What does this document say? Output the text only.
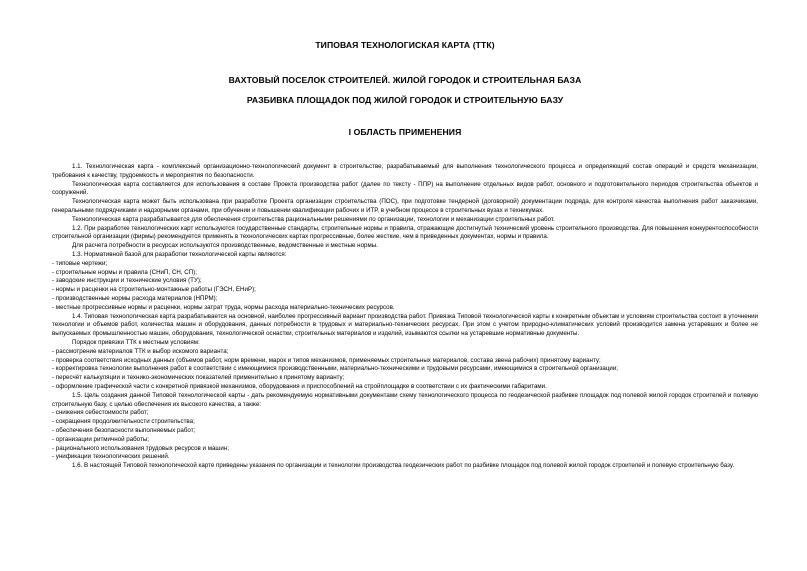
ТИПОВАЯ ТЕХНОЛОГИСКАЯ КАРТА (ТТК)
ВАХТОВЫЙ ПОСЕЛОК СТРОИТЕЛЕЙ. ЖИЛОЙ ГОРОДОК И СТРОИТЕЛЬНАЯ БАЗА
РАЗБИВКА ПЛОЩАДОК ПОД ЖИЛОЙ ГОРОДОК И СТРОИТЕЛЬНУЮ БАЗУ
I ОБЛАСТЬ ПРИМЕНЕНИЯ

1.1. Технологическая карта - комплексный организационно-технологический документ в строительстве, разрабатываемый для выполнения технологического процесса и определяющий состав операций и средств механизации, требования к качеству, трудоемкость и мероприятия по безопасности.

Технологическая карта составляется для использования в составе Проекта производства работ (далее по тексту - ППР) на выполнение отдельных видов работ, основного и подготовительного периодов строительства объектов и сооружений.

Технологическая карта может быть использована при разработке Проекта организации строительства (ПОС), при подготовке тендерной (договорной) документации подряда, для контроля качества выполнения работ заказчиками, генеральными подрядчиками и надзорными органами, при обучении и повышении квалификации рабочих и ИТР, в учебном процессе в строительных вузах и техникумах.

Технологическая карта разрабатывается для обеспечения строительства рациональными решениями по организации, технологии и механизации строительных работ.

1.2. При разработке технологических карт используются государственные стандарты, строительные нормы и правила, отражающие достигнутый технический уровень строительного производства. Для повышения конкурентоспособности строительной организации (фирмы) рекомендуется применять в технологических картах прогрессивные, более жесткие, чем в приведенных документах, нормы и правила.

Для расчета потребности в ресурсах используются производственные, ведомственные и местные нормы.

1.3. Нормативной базой для разработки технологической карты являются:

- типовые чертежи;

- строительные нормы и правила (СНиП, СН, СП);

- заводские инструкции и технические условия (ТУ);

- нормы и расценки на строительно-монтажные работы (ГЭСН, ЕНиР);

- производственные нормы расхода материалов (НПРМ);

- местные прогрессивные нормы и расценки, нормы затрат труда, нормы расхода материально-технических ресурсов.

1.4. Типовая технологическая карта разрабатывается на основной, наиболее прогрессивный вариант производства работ. Привязка Типовой технологической карты к конкретным объектам и условиям строительства состоит в уточнении технологии и объемов работ, количества машин и оборудования, данных потребности в трудовых и материально-технических ресурсах. При этом с учетом природно-климатических условий производится замена устаревших и более не выпускаемых промышленностью машин, оборудования, технологической оснастки, строительных материалов и изделий, изымаются ссылки на устаревшие нормативные документы.

Порядок привязки ТТК к местным условиям:

- рассмотрение материалов ТТК и выбор искомого варианта;

- проверка соответствия исходных данных (объемов работ, норм времени, марок и типов механизмов, применяемых строительных материалов, состава звена рабочих) принятому варианту;

- корректировка технологии выполнения работ в соответствии с имеющимися производственными, материально-техническими и трудовыми ресурсами, имеющимися в строительной организации;

- пересчёт калькуляции и технико-экономических показателей применительно к принятому варианту;

- оформление графической части с конкретной привязкой механизмов, оборудования и приспособлений на стройплощадке в соответствии с их фактическими габаритами.

1.5. Цель создания данной Типовой технологической карты - дать рекомендуемую нормативными документами схему технологического процесса по геодезической разбивке площадок под полевой жилой городок строителей и полевую строительную базу, с целью обеспечения их высокого качества, а также:

- снижения себестоимости работ;

- сокращения продолжительности строительства;

- обеспечения безопасности выполняемых работ;

- организации ритмичной работы;

- рационального использования трудовых ресурсов и машин;

- унификации технологических решений.

1.6. В настоящей Типовой технологической карте приведены указания по организации и технологии производства геодезических работ по разбивке площадок под полевой жилой городок строителей и полевую строительную базу.
